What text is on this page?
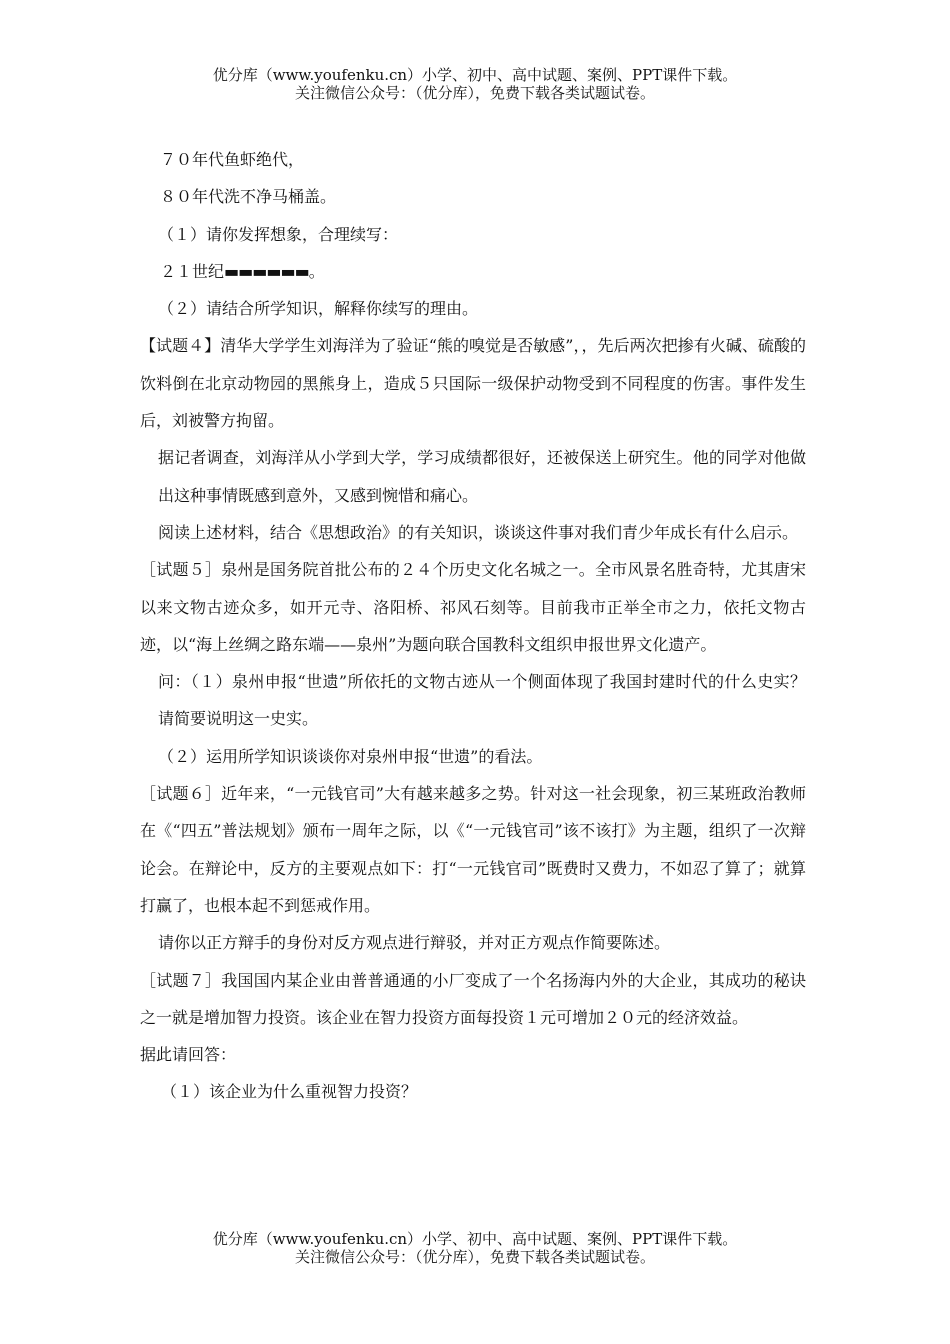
优分库（www.youfenku.cn）小学、初中、高中试题、案例、PPT课件下载。
关注微信公众号：（优分库），免费下载各类试题试卷。

７０年代鱼虾绝代，

８０年代洗不净马桶盖。

（１）请你发挥想象，合理续写：

２１世纪▬▬▬▬▬▬。

（２）请结合所学知识，解释你续写的理由。

【试题４】清华大学学生刘海洋为了验证“熊的嗅觉是否敏感”，，先后两次把掺有火碱、硫酸的饮料倒在北京动物园的黑熊身上，造成５只国际一级保护动物受到不同程度的伤害。事件发生后，刘被警方拘留。

据记者调查，刘海洋从小学到大学，学习成绩都很好，还被保送上研究生。他的同学对他做出这种事情既感到意外，又感到惋惜和痛心。

阅读上述材料，结合《思想政治》的有关知识，谈谈这件事对我们青少年成长有什么启示。

［试题５］泉州是国务院首批公布的２４个历史文化名城之一。全市风景名胜奇特，尤其唐宋以来文物古迹众多，如开元寺、洛阳桥、祁风石刻等。目前我市正举全市之力，依托文物古迹，以“海上丝绸之路东端——泉州”为题向联合国教科文组织申报世界文化遗产。

问：（１）泉州申报“世遗”所依托的文物古迹从一个侧面体现了我国封建时代的什么史实？请简要说明这一史实。

（２）运用所学知识谈谈你对泉州申报“世遗”的看法。

［试题６］近年来，“一元钱官司”大有越来越多之势。针对这一社会现象，初三某班政治教师在《“四五”普法规划》颁布一周年之际，以《“一元钱官司”该不该打》为主题，组织了一次辩论会。在辩论中，反方的主要观点如下：打“一元钱官司”既费时又费力，不如忍了算了；就算打赢了，也根本起不到惩戒作用。

请你以正方辩手的身份对反方观点进行辩驳，并对正方观点作简要陈述。

［试题７］我国国内某企业由普普通通的小厂变成了一个名扬海内外的大企业，其成功的秘诀之一就是增加智力投资。该企业在智力投资方面每投资１元可增加２０元的经济效益。

据此请回答：

（１）该企业为什么重视智力投资？

优分库（www.youfenku.cn）小学、初中、高中试题、案例、PPT课件下载。
关注微信公众号：（优分库），免费下载各类试题试卷。
